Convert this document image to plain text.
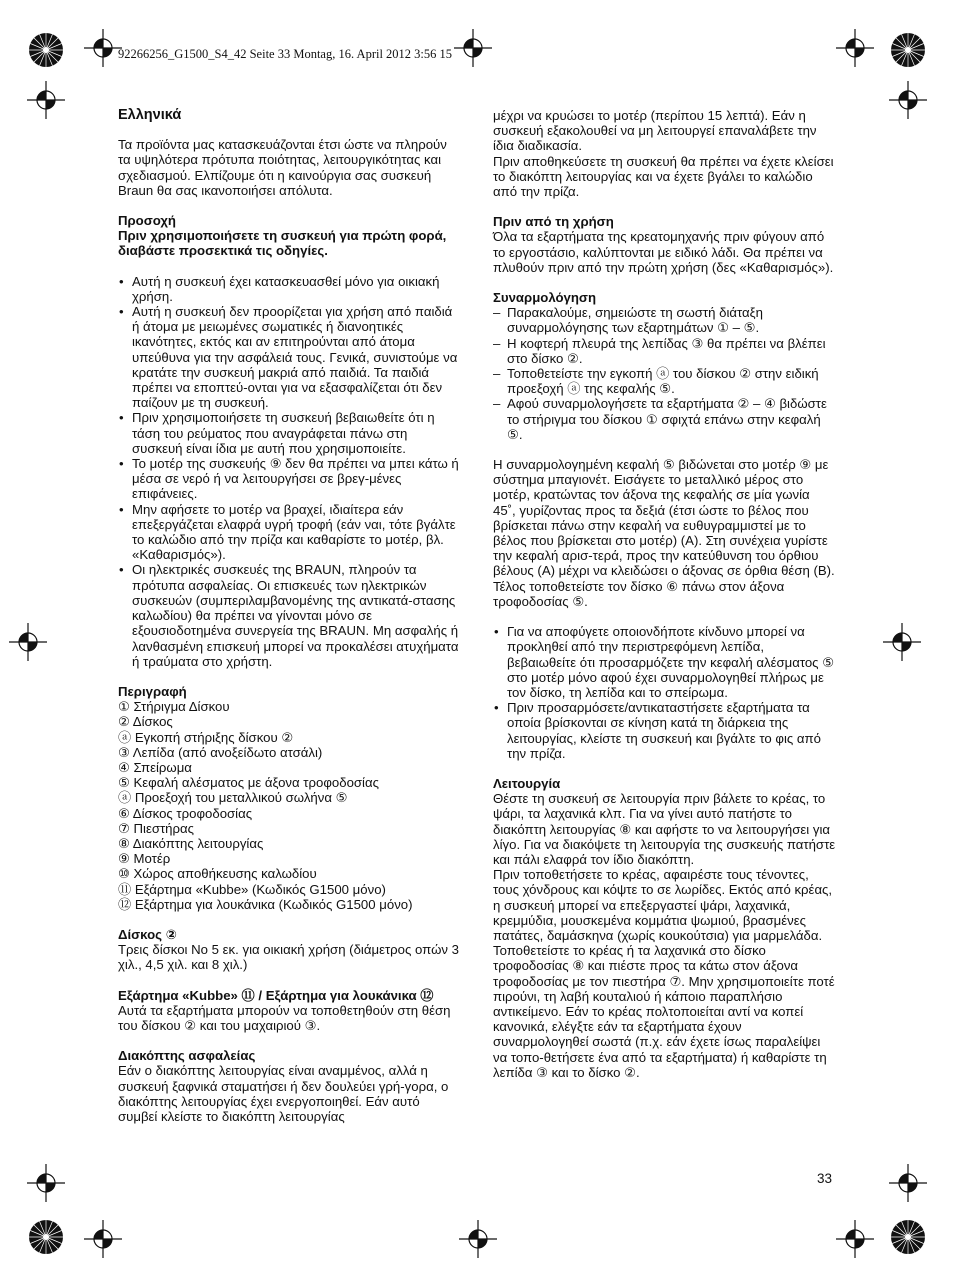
92266256_G1500_S4_42 Seite 33 Montag, 16. April 2012 3:56 15
Ελληνικά

Τα προϊόντα μας κατασκευάζονται έτσι ώστε να πληρούν τα υψηλότερα πρότυπα ποιότητας, λειτουργικότητας και σχεδιασμού. Ελπίζουμε ότι η καινούργια σας συσκευή Braun θα σας ικανοποιήσει απόλυτα.

Προσοχή

Πριν χρησιμοποιήσετε τη συσκευή για πρώτη φορά, διαβάστε προσεκτικά τις οδηγίες.

• Αυτή η συσκευή έχει κατασκευασθεί μόνο για οικιακή χρήση.
• Αυτή η συσκευή δεν προορίζεται για χρήση από παιδιά ή άτομα με μειωμένες σωματικές ή διανοητικές ικανότητες, εκτός και αν επιτηρούνται από άτομα υπεύθυνα για την ασφάλειά τους. Γενικά, συνιστούμε να κρατάτε την συσκευή μακριά από παιδιά. Τα παιδιά πρέπει να εποπτεύ-ονται για να εξασφαλίζεται ότι δεν παίζουν με τη συσκευή.
• Πριν χρησιμοποιήσετε τη συσκευή βεβαιωθείτε ότι η τάση του ρεύματος που αναγράφεται πάνω στη συσκευή είναι ίδια με αυτή που χρησιμοποιείτε.
• Το μοτέρ της συσκευής ⑨ δεν θα πρέπει να μπει κάτω ή μέσα σε νερό ή να λειτουργήσει σε βρεγ-μένες επιφάνειες.
• Μην αφήσετε το μοτέρ να βραχεί, ιδιαίτερα εάν επεξεργάζεται ελαφρά υγρή τροφή (εάν ναι, τότε βγάλτε το καλώδιο από την πρίζα και καθαρίστε το μοτέρ, βλ. «Καθαρισμός»).
• Οι ηλεκτρικές συσκευές της BRAUN, πληρούν τα πρότυπα ασφαλείας. Οι επισκευές των ηλεκτρικών συσκευών (συμπεριλαμβανομένης της αντικατά-στασης καλωδίου) θα πρέπει να γίνονται μόνο σε εξουσιοδοτημένα συνεργεία της BRAUN. Μη ασφαλής ή λανθασμένη επισκευή μπορεί να προκαλέσει ατυχήματα ή τραύματα στο χρήστη.

Περιγραφή

① Στήριγμα Δίσκου
② Δίσκος
ⓐ Εγκοπή στήριξης δίσκου ②
③ Λεπίδα (από ανοξείδωτο ατσάλι)
④ Σπείρωμα
⑤ Κεφαλή αλέσματος με άξονα τροφοδοσίας
ⓐ Προεξοχή του μεταλλικού σωλήνα ⑤
⑥ Δίσκος τροφοδοσίας
⑦ Πιεστήρας
⑧ Διακόπτης λειτουργίας
⑨ Μοτέρ
⑩ Χώρος αποθήκευσης καλωδίου
⑪ Εξάρτημα «Kubbe» (Κωδικός G1500 μόνο)
⑫ Εξάρτημα για λουκάνικα (Κωδικός G1500 μόνο)

Δίσκος ②

Τρεις δίσκοι Νο 5 εκ. για οικιακή χρήση (διάμετρος οπών 3 χιλ., 4,5 χιλ. και 8 χιλ.)

Εξάρτημα «Kubbe» ⑪ / Εξάρτημα για λουκάνικα ⑫

Αυτά τα εξαρτήματα μπορούν να τοποθετηθούν στη θέση του δίσκου ② και του μαχαιριού ③.

Διακόπτης ασφαλείας

Εάν ο διακόπτης λειτουργίας είναι αναμμένος, αλλά η συσκευή ξαφνικά σταματήσει ή δεν δουλεύει γρή-γορα, ο διακόπτης λειτουργίας έχει ενεργοποιηθεί. Εάν αυτό συμβεί κλείστε το διακόπτη λειτουργίας

μέχρι να κρυώσει το μοτέρ (περίπου 15 λεπτά). Εάν η συσκευή εξακολουθεί να μη λειτουργεί επαναλάβετε την ίδια διαδικασία.

Πριν αποθηκεύσετε τη συσκευή θα πρέπει να έχετε κλείσει το διακόπτη λειτουργίας και να έχετε βγάλει το καλώδιο από την πρίζα.

Πριν από τη χρήση

Όλα τα εξαρτήματα της κρεατομηχανής πριν φύγουν από το εργοστάσιο, καλύπτονται με ειδικό λάδι. Θα πρέπει να πλυθούν πριν από την πρώτη χρήση (δες «Καθαρισμός»).

Συναρμολόγηση

– Παρακαλούμε, σημειώστε τη σωστή διάταξη συναρμολόγησης των εξαρτημάτων ① – ⑤.
– Η κοφτερή πλευρά της λεπίδας ③ θα πρέπει να βλέπει στο δίσκο ②.
– Τοποθετείστε την εγκοπή ⓐ του δίσκου ② στην ειδική προεξοχή ⓐ της κεφαλής ⑤.
– Αφού συναρμολογήσετε τα εξαρτήματα ② – ④ βιδώστε το στήριγμα του δίσκου ① σφιχτά επάνω στην κεφαλή ⑤.

Η συναρμολογημένη κεφαλή ⑤ βιδώνεται στο μοτέρ ⑨ με σύστημα μπαγιονέτ. Εισάγετε το μεταλλικό μέρος στο μοτέρ, κρατώντας τον άξονα της κεφαλής σε μία γωνία 45˚, γυρίζοντας προς τα δεξιά (έτσι ώστε το βέλος που βρίσκεται πάνω στην κεφαλή να ευθυγραμμιστεί με το βέλος που βρίσκεται στο μοτέρ) (A). Στη συνέχεια γυρίστε την κεφαλή αρισ-τερά, προς την κατεύθυνση του όρθιου βέλους (A) μέχρι να κλειδώσει ο άξονας σε όρθια θέση (B). Τέλος τοποθετείστε τον δίσκο ⑥ πάνω στον άξονα τροφοδοσίας ⑤.

• Για να αποφύγετε οποιονδήποτε κίνδυνο μπορεί να προκληθεί από την περιστρεφόμενη λεπίδα, βεβαιωθείτε ότι προσαρμόζετε την κεφαλή αλέσματος ⑤ στο μοτέρ μόνο αφού έχει συναρμολογηθεί πλήρως με τον δίσκο, τη λεπίδα και το σπείρωμα.
• Πριν προσαρμόσετε/αντικαταστήσετε εξαρτήματα τα οποία βρίσκονται σε κίνηση κατά τη διάρκεια της λειτουργίας, κλείστε τη συσκευή και βγάλτε το φις από την πρίζα.

Λειτουργία

Θέστε τη συσκευή σε λειτουργία πριν βάλετε το κρέας, το ψάρι, τα λαχανικά κλπ. Για να γίνει αυτό πατήστε το διακόπτη λειτουργίας ⑧ και αφήστε το να λειτουργήσει για λίγο. Για να διακόψετε τη λειτουργία της συσκευής πατήστε και πάλι ελαφρά τον ίδιο διακόπτη.

Πριν τοποθετήσετε το κρέας, αφαιρέστε τους τένοντες, τους χόνδρους και κόψτε το σε λωρίδες. Εκτός από κρέας, η συσκευή μπορεί να επεξεργαστεί ψάρι, λαχανικά, κρεμμύδια, μουσκεμένα κομμάτια ψωμιού, βρασμένες πατάτες, δαμάσκηνα (χωρίς κουκούτσια) για μαρμελάδα. Τοποθετείστε το κρέας ή τα λαχανικά στο δίσκο τροφοδοσίας ⑧ και πιέστε προς τα κάτω στον άξονα τροφοδοσίας με τον πιεστήρα ⑦. Μην χρησιμοποιείτε ποτέ πιρούνι, τη λαβή κουταλιού ή κάποιο παραπλήσιο αντικείμενο. Εάν το κρέας πολτοποιείται αντί να κοπεί κανονικά, ελέγξτε εάν τα εξαρτήματα έχουν συναρμολογηθεί σωστά (π.χ. εάν έχετε ίσως παραλείψει να τοπο-θετήσετε ένα από τα εξαρτήματα) ή καθαρίστε τη λεπίδα ③ και το δίσκο ②.

33
